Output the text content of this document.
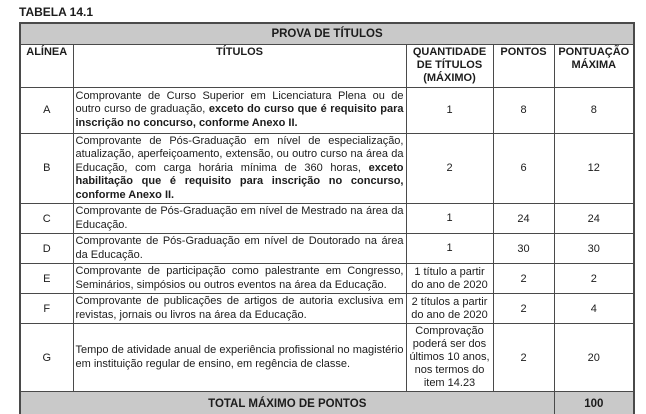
TABELA 14.1
PROVA DE TÍTULOS				
ALÍNEA	TÍTULOS	QUANTIDADE DE TÍTULOS (MÁXIMO)	PONTOS	PONTUAÇÃO MÁXIMA
A	Comprovante de Curso Superior em Licenciatura Plena ou de outro curso de graduação, exceto do curso que é requisito para inscrição no concurso, conforme Anexo II.	1	8	8
B	Comprovante de Pós-Graduação em nível de especialização, atualização, aperfeiçoamento, extensão, ou outro curso na área da Educação, com carga horária mínima de 360 horas, exceto habilitação que é requisito para inscrição no concurso, conforme Anexo II.	2	6	12
C	Comprovante de Pós-Graduação em nível de Mestrado na área da Educação.	1	24	24
D	Comprovante de Pós-Graduação em nível de Doutorado na área da Educação.	1	30	30
E	Comprovante de participação como palestrante em Congresso, Seminários, simpósios ou outros eventos na área da Educação.	1 título a partir do ano de 2020	2	2
F	Comprovante de publicações de artigos de autoria exclusiva em revistas, jornais ou livros na área da Educação.	2 títulos a partir do ano de 2020	2	4
G	Tempo de atividade anual de experiência profissional no magistério em instituição regular de ensino, em regência de classe.	Comprovação poderá ser dos últimos 10 anos, nos termos do item 14.23	2	20
TOTAL MÁXIMO DE PONTOS				100
